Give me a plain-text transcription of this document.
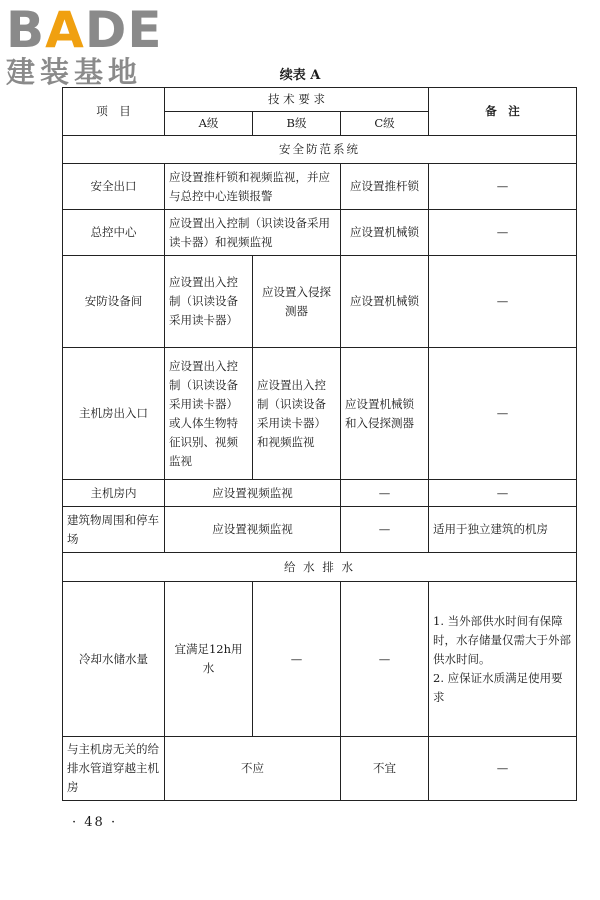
BADE
建装基地	续表 A
项　目	技 术 要 求			备　注
	A级	B级	C级	
安全防范系统				
安全出口	应设置推杆锁和视频监视，并应与总控中心连锁报警		应设置推杆锁	—
总控中心	应设置出入控制（识读设备采用读卡器）和视频监视		应设置机械锁	—
安防设备间	应设置出入控制（识读设备采用读卡器）	应设置入侵探测器	应设置机械锁	—
主机房出入口	应设置出入控制（识读设备采用读卡器）或人体生物特征识别、视频监视	应设置出入控制（识读设备采用读卡器）和视频监视	应设置机械锁和入侵探测器	—
主机房内	应设置视频监视		—	—
建筑物周围和停车场	应设置视频监视		—	适用于独立建筑的机房
给 水 排 水				
冷却水储水量	宜满足12h用水	—	—	1. 当外部供水时间有保障时，水存储量仅需大于外部供水时间。
2. 应保证水质满足使用要求

与主机房无关的给排水管道穿越主机房	不应		不宜	—
· 48 ·
